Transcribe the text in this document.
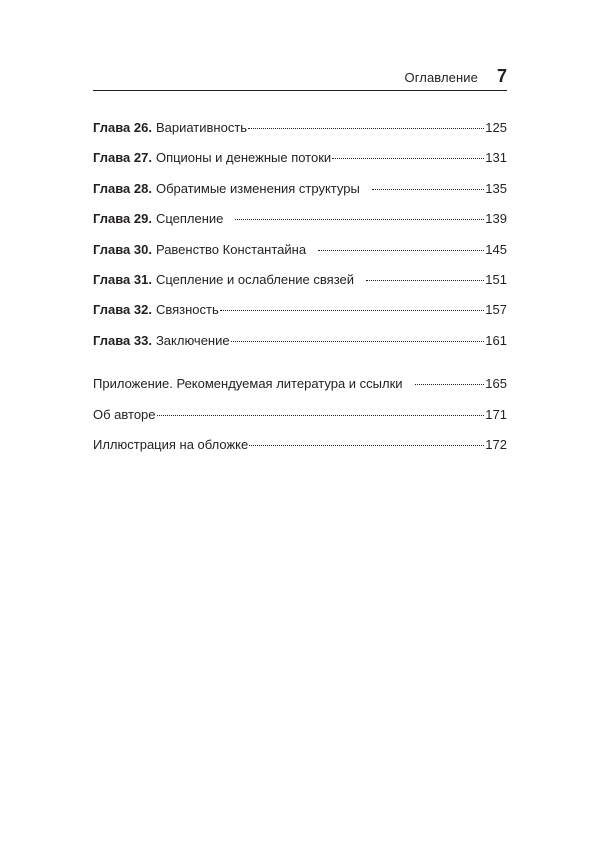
Оглавление 7
Глава 26. Вариативность	125
Глава 27. Опционы и денежные потоки	131
Глава 28. Обратимые изменения структуры	135
Глава 29. Сцепление	139
Глава 30. Равенство Константайна	145
Глава 31. Сцепление и ослабление связей	151
Глава 32. Связность	157
Глава 33. Заключение	161
Приложение. Рекомендуемая литература и ссылки	165
Об авторе	171
Иллюстрация на обложке	172
